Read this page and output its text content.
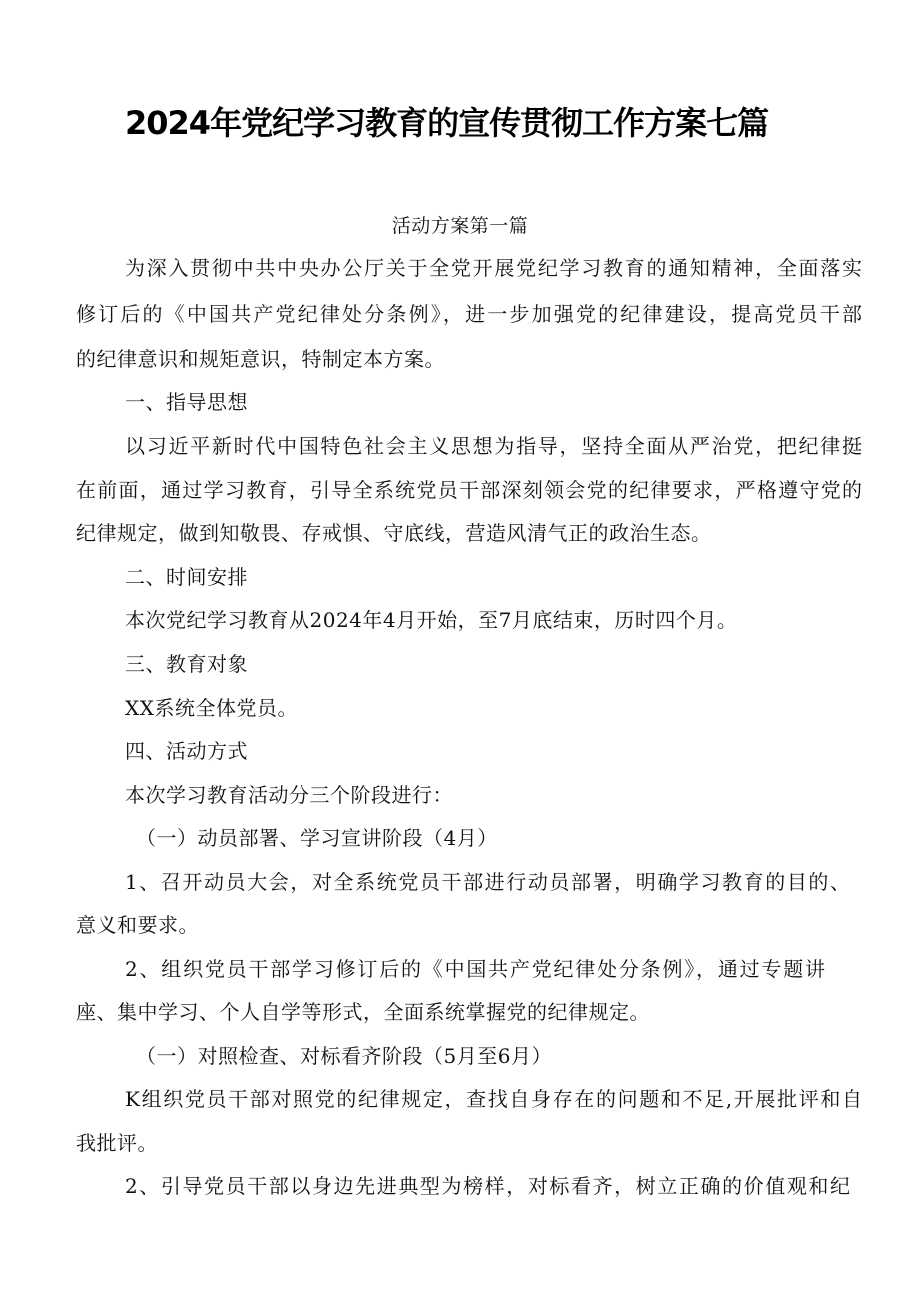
2024年党纪学习教育的宣传贯彻工作方案七篇
活动方案第一篇
为深入贯彻中共中央办公厅关于全党开展党纪学习教育的通知精神，全面落实
修订后的《中国共产党纪律处分条例》，进一步加强党的纪律建设，提高党员干部
的纪律意识和规矩意识，特制定本方案。
一、指导思想
以习近平新时代中国特色社会主义思想为指导，坚持全面从严治党，把纪律挺
在前面，通过学习教育，引导全系统党员干部深刻领会党的纪律要求，严格遵守党的
纪律规定，做到知敬畏、存戒惧、守底线，营造风清气正的政治生态。
二、时间安排
本次党纪学习教育从2024年4月开始，至7月底结束，历时四个月。
三、教育对象
XX系统全体党员。
四、活动方式
本次学习教育活动分三个阶段进行：
（一）动员部署、学习宣讲阶段（4月）
1、召开动员大会，对全系统党员干部进行动员部署，明确学习教育的目的、
意义和要求。
2、组织党员干部学习修订后的《中国共产党纪律处分条例》，通过专题讲
座、集中学习、个人自学等形式，全面系统掌握党的纪律规定。
（一）对照检查、对标看齐阶段（5月至6月）
K组织党员干部对照党的纪律规定，查找自身存在的问题和不足,开展批评和自
我批评。
2、引导党员干部以身边先进典型为榜样，对标看齐，树立正确的价值观和纪
